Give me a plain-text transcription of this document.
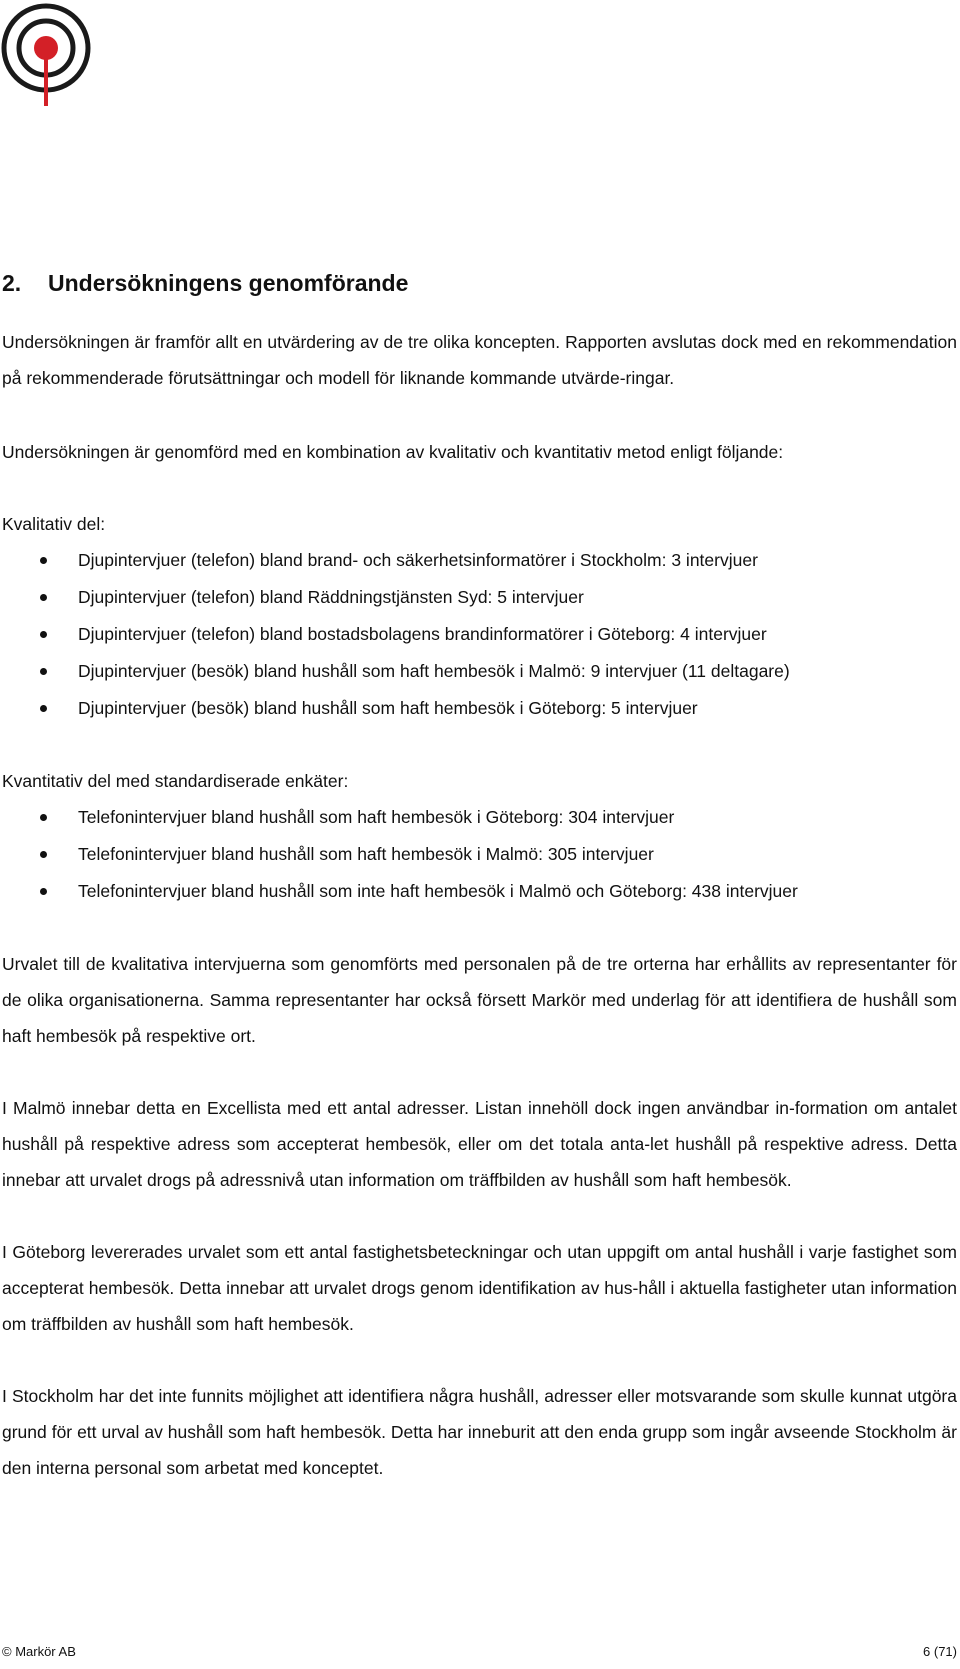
2. Undersökningens genomförande

Undersökningen är framför allt en utvärdering av de tre olika koncepten. Rapporten avslutas dock med en rekommendation på rekommenderade förutsättningar och modell för liknande kommande utvärde-ringar.

Undersökningen är genomförd med en kombination av kvalitativ och kvantitativ metod enligt följande:

Kvalitativ del:
Djupintervjuer (telefon) bland brand- och säkerhetsinformatörer i Stockholm: 3 intervjuer
Djupintervjuer (telefon) bland Räddningstjänsten Syd: 5 intervjuer
Djupintervjuer (telefon) bland bostadsbolagens brandinformatörer i Göteborg: 4 intervjuer
Djupintervjuer (besök) bland hushåll som haft hembesök i Malmö: 9 intervjuer (11 deltagare)
Djupintervjuer (besök) bland hushåll som haft hembesök i Göteborg: 5 intervjuer
Kvantitativ del med standardiserade enkäter:
Telefonintervjuer bland hushåll som haft hembesök i Göteborg: 304 intervjuer
Telefonintervjuer bland hushåll som haft hembesök i Malmö: 305 intervjuer
Telefonintervjuer bland hushåll som inte haft hembesök i Malmö och Göteborg: 438 intervjuer

Urvalet till de kvalitativa intervjuerna som genomförts med personalen på de tre orterna har erhållits av representanter för de olika organisationerna. Samma representanter har också försett Markör med underlag för att identifiera de hushåll som haft hembesök på respektive ort.

I Malmö innebar detta en Excellista med ett antal adresser. Listan innehöll dock ingen användbar in-formation om antalet hushåll på respektive adress som accepterat hembesök, eller om det totala anta-let hushåll på respektive adress. Detta innebar att urvalet drogs på adressnivå utan information om träffbilden av hushåll som haft hembesök.

I Göteborg levererades urvalet som ett antal fastighetsbeteckningar och utan uppgift om antal hushåll i varje fastighet som accepterat hembesök. Detta innebar att urvalet drogs genom identifikation av hus-håll i aktuella fastigheter utan information om träffbilden av hushåll som haft hembesök.

I Stockholm har det inte funnits möjlighet att identifiera några hushåll, adresser eller motsvarande som skulle kunnat utgöra grund för ett urval av hushåll som haft hembesök. Detta har inneburit att den enda grupp som ingår avseende Stockholm är den interna personal som arbetat med konceptet.

© Markör AB	6 (71)
